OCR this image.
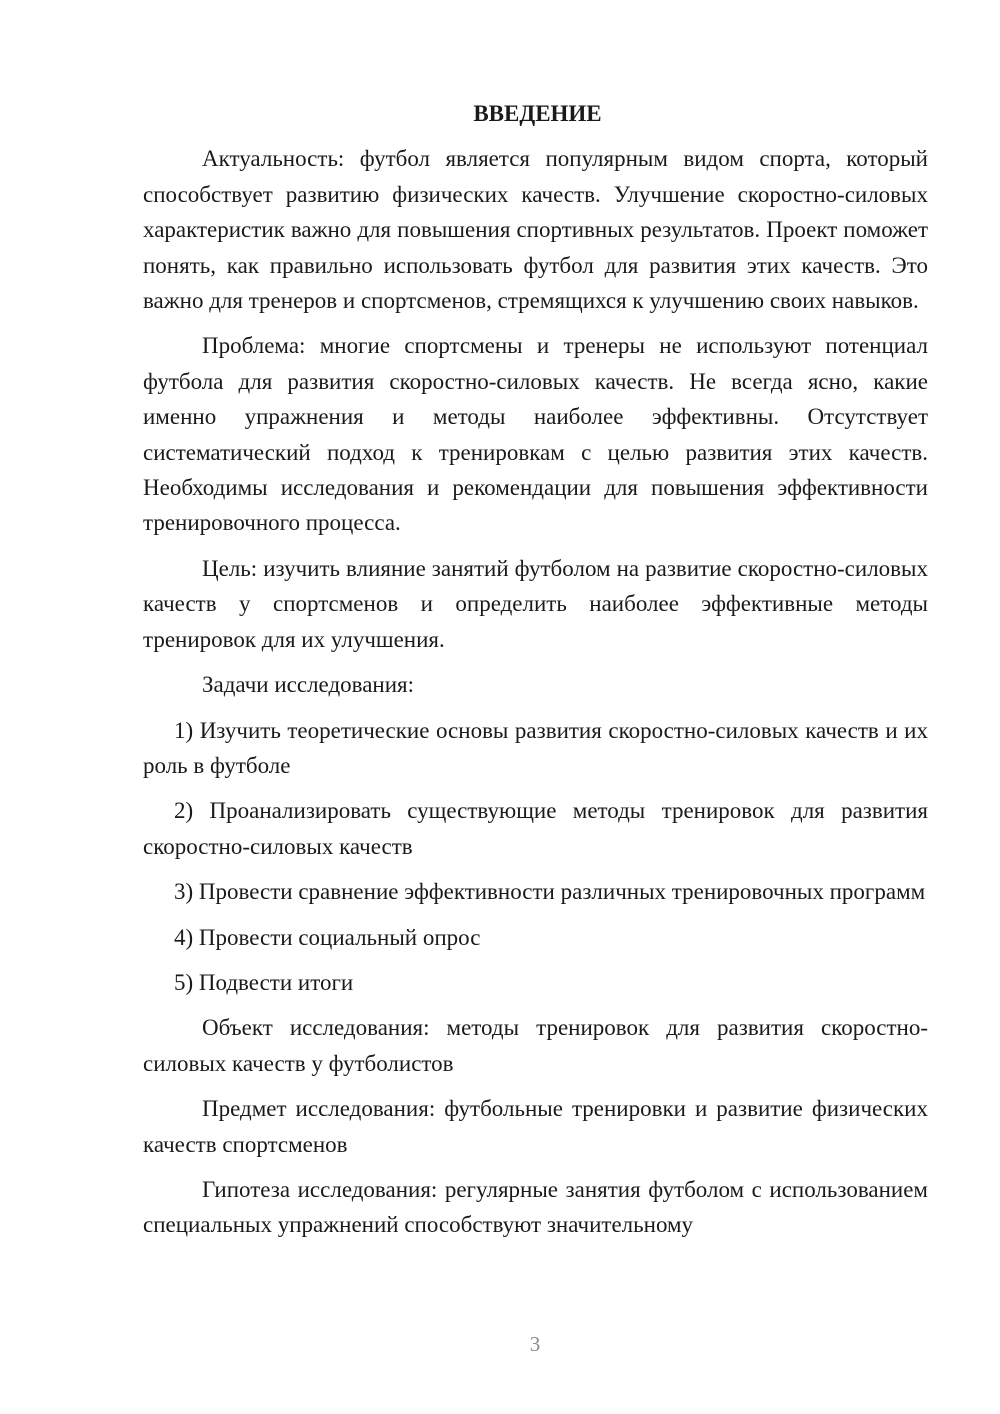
ВВЕДЕНИЕ

Актуальность: футбол является популярным видом спорта, который способствует развитию физических качеств. Улучшение скоростно-силовых характеристик важно для повышения спортивных результатов. Проект поможет понять, как правильно использовать футбол для развития этих качеств. Это важно для тренеров и спортсменов, стремящихся к улучшению своих навыков.

Проблема: многие спортсмены и тренеры не используют потенциал футбола для развития скоростно-силовых качеств. Не всегда ясно, какие именно упражнения и методы наиболее эффективны. Отсутствует систематический подход к тренировкам с целью развития этих качеств. Необходимы исследования и рекомендации для повышения эффективности тренировочного процесса.

Цель: изучить влияние занятий футболом на развитие скоростно-силовых качеств у спортсменов и определить наиболее эффективные методы тренировок для их улучшения.

Задачи исследования:

1) Изучить теоретические основы развития скоростно-силовых качеств и их роль в футболе

2) Проанализировать существующие методы тренировок для развития скоростно-силовых качеств

3) Провести сравнение эффективности различных тренировочных программ

4) Провести социальный опрос

5) Подвести итоги

Объект исследования: методы тренировок для развития скоростно-силовых качеств у футболистов

Предмет исследования: футбольные тренировки и развитие физических качеств спортсменов

Гипотеза исследования: регулярные занятия футболом с использованием специальных упражнений способствуют значительному

3
